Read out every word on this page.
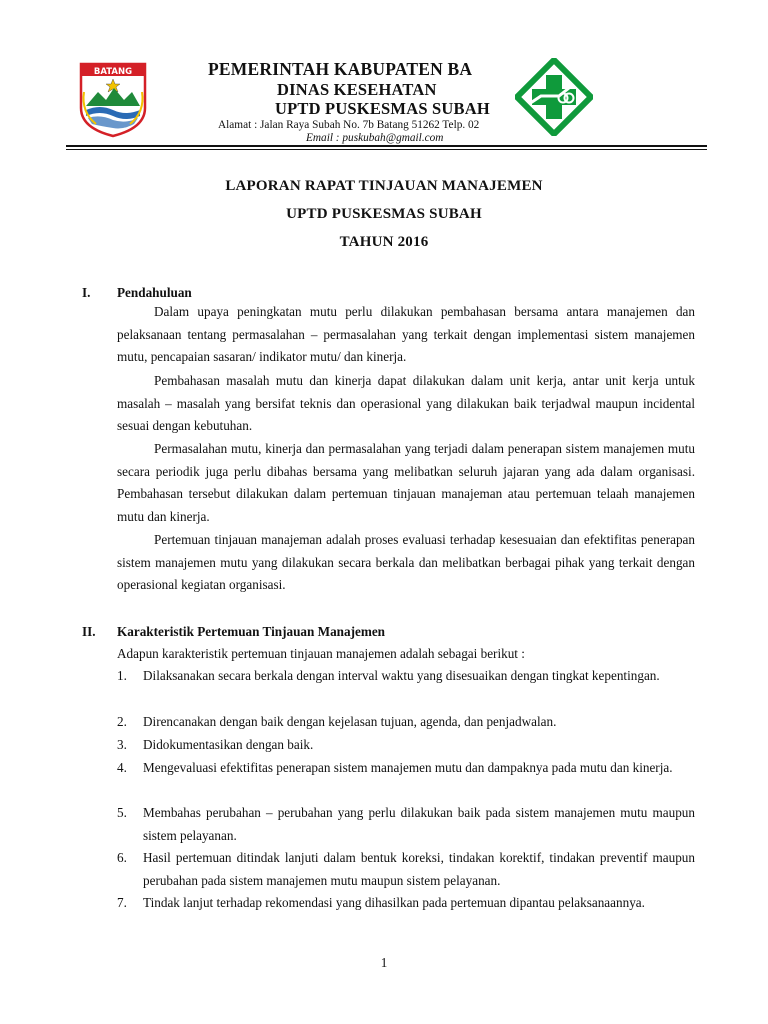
BATANG	PEMERINTAH KABUPATEN BA
DINAS KESEHATAN
UPTD PUSKESMAS SUBAH
Alamat : Jalan Raya Subah No. 7b Batang 51262 Telp. 02
Email : puskubah@gmail.com
LAPORAN RAPAT TINJAUAN MANAJEMEN
UPTD PUSKESMAS SUBAH
TAHUN 2016
I. Pendahuluan

Dalam upaya peningkatan mutu perlu dilakukan pembahasan bersama antara manajemen dan pelaksanaan tentang permasalahan – permasalahan yang terkait dengan implementasi sistem manajemen mutu, pencapaian sasaran/ indikator mutu/ dan kinerja.

Pembahasan masalah mutu dan kinerja dapat dilakukan dalam unit kerja, antar unit kerja untuk masalah – masalah yang bersifat teknis dan operasional yang dilakukan baik terjadwal maupun incidental sesuai dengan kebutuhan.

Permasalahan mutu, kinerja dan permasalahan yang terjadi dalam penerapan sistem manajemen mutu secara periodik juga perlu dibahas bersama yang melibatkan seluruh jajaran yang ada dalam organisasi. Pembahasan tersebut dilakukan dalam pertemuan tinjauan manajeman atau pertemuan telaah manajemen mutu dan kinerja.

Pertemuan tinjauan manajeman adalah proses evaluasi terhadap kesesuaian dan efektifitas penerapan sistem manajemen mutu yang dilakukan secara berkala dan melibatkan berbagai pihak yang terkait dengan operasional kegiatan organisasi.

II. Karakteristik Pertemuan Tinjauan Manajemen
Adapun karakteristik pertemuan tinjauan manajemen adalah sebagai berikut :
1. Dilaksanakan secara berkala dengan interval waktu yang disesuaikan dengan tingkat kepentingan.
2. Direncanakan dengan baik dengan kejelasan tujuan, agenda, dan penjadwalan.
3. Didokumentasikan dengan baik.
4. Mengevaluasi efektifitas penerapan sistem manajemen mutu dan dampaknya pada mutu dan kinerja.
5. Membahas perubahan – perubahan yang perlu dilakukan baik pada sistem manajemen mutu maupun sistem pelayanan.
6. Hasil pertemuan ditindak lanjuti dalam bentuk koreksi, tindakan korektif, tindakan preventif maupun perubahan pada sistem manajemen mutu maupun sistem pelayanan.
7. Tindak lanjut terhadap rekomendasi yang dihasilkan pada pertemuan dipantau pelaksanaannya.
1
